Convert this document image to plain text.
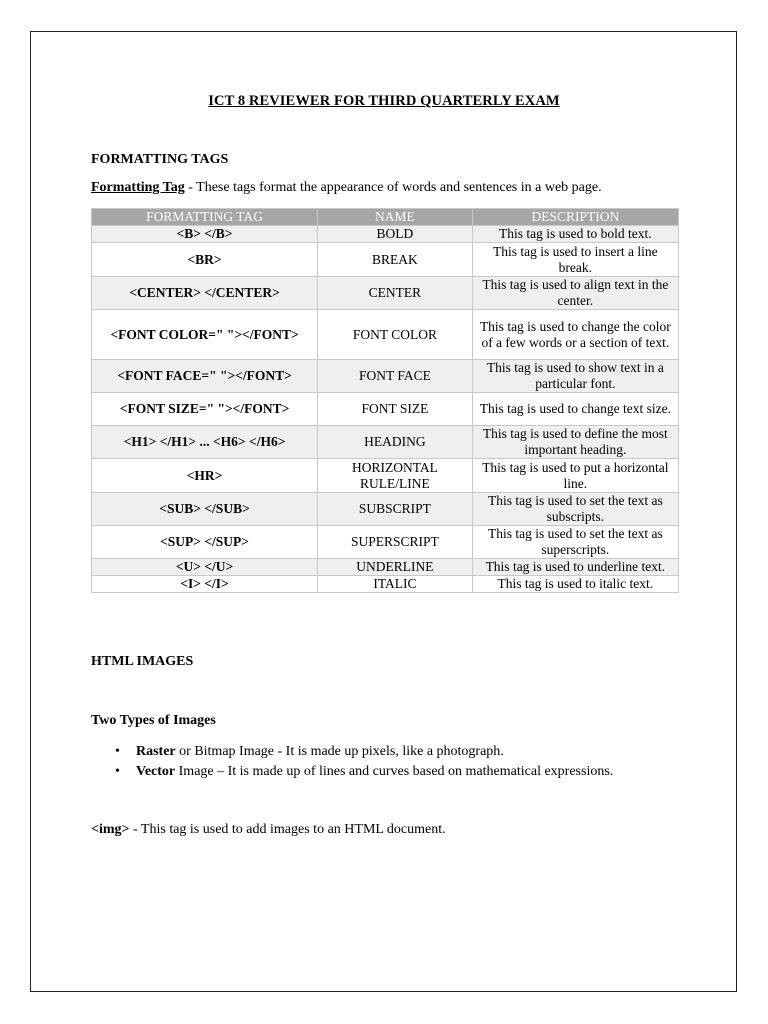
ICT 8 REVIEWER FOR THIRD QUARTERLY EXAM
FORMATTING TAGS
Formatting Tag - These tags format the appearance of words and sentences in a web page.
FORMATTING TAG	NAME	DESCRIPTION
<B> </B>	BOLD	This tag is used to bold text.
<BR>	BREAK	This tag is used to insert a line break.
<CENTER> </CENTER>	CENTER	This tag is used to align text in the center.
<FONT COLOR=" "></FONT>	FONT COLOR	This tag is used to change the color of a few words or a section of text.
<FONT FACE=" "></FONT>	FONT FACE	This tag is used to show text in a particular font.
<FONT SIZE=" "></FONT>	FONT SIZE	This tag is used to change text size.
<H1> </H1> ... <H6> </H6>	HEADING	This tag is used to define the most important heading.
<HR>	HORIZONTAL RULE/LINE	This tag is used to put a horizontal line.
<SUB> </SUB>	SUBSCRIPT	This tag is used to set the text as subscripts.
<SUP> </SUP>	SUPERSCRIPT	This tag is used to set the text as superscripts.
<U> </U>	UNDERLINE	This tag is used to underline text.
<I> </I>	ITALIC	This tag is used to italic text.
HTML IMAGES
Two Types of Images
• Raster or Bitmap Image - It is made up pixels, like a photograph.
• Vector Image – It is made up of lines and curves based on mathematical expressions.
<img> - This tag is used to add images to an HTML document.
